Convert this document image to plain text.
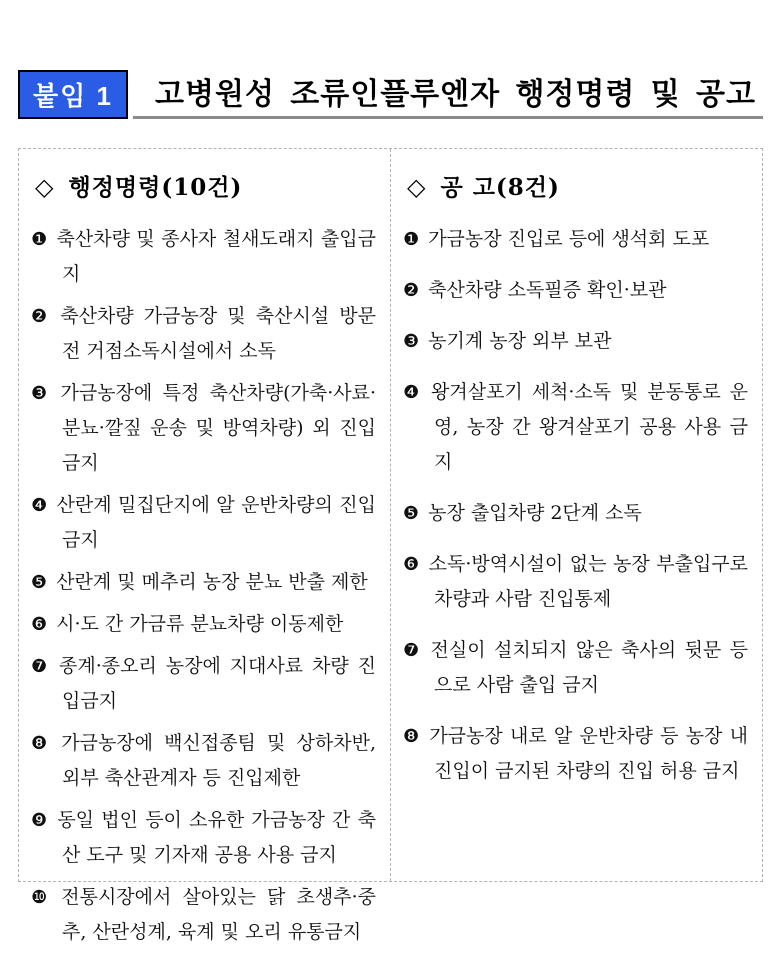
붙임 1 고병원성 조류인플루엔자 행정명령 및 공고
◇ 행정명령(10건)

❶ 축산차량 및 종사자 철새도래지 출입금지

❷ 축산차량 가금농장 및 축산시설 방문 전 거점소독시설에서 소독

❸ 가금농장에 특정 축산차량(가축·사료·분뇨·깔짚 운송 및 방역차량) 외 진입금지

❹ 산란계 밀집단지에 알 운반차량의 진입 금지

❺ 산란계 및 메추리 농장 분뇨 반출 제한

❻ 시·도 간 가금류 분뇨차량 이동제한

❼ 종계·종오리 농장에 지대사료 차량 진입금지

❽ 가금농장에 백신접종팀 및 상하차반, 외부 축산관계자 등 진입제한

❾ 동일 법인 등이 소유한 가금농장 간 축산 도구 및 기자재 공용 사용 금지

❿ 전통시장에서 살아있는 닭 초생추·중추, 산란성계, 육계 및 오리 유통금지

◇ 공 고(8건)

❶ 가금농장 진입로 등에 생석회 도포

❷ 축산차량 소독필증 확인·보관

❸ 농기계 농장 외부 보관

❹ 왕겨살포기 세척·소독 및 분동통로 운영, 농장 간 왕겨살포기 공용 사용 금지

❺ 농장 출입차량 2단계 소독

❻ 소독·방역시설이 없는 농장 부출입구로 차량과 사람 진입통제

❼ 전실이 설치되지 않은 축사의 뒷문 등으로 사람 출입 금지

❽ 가금농장 내로 알 운반차량 등 농장 내 진입이 금지된 차량의 진입 허용 금지
